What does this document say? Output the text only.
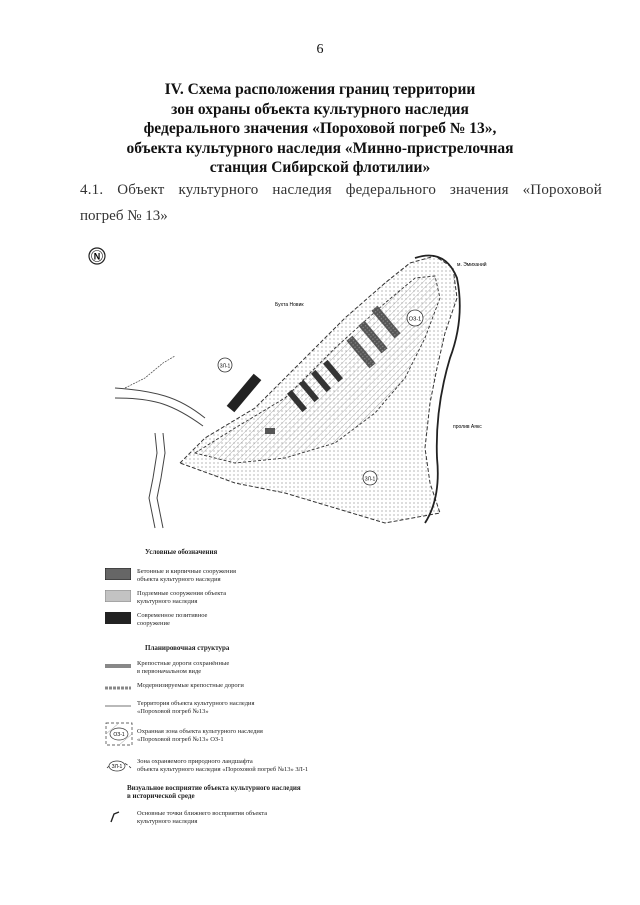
6
IV. Схема расположения границ территории
зон охраны объекта культурного наследия
федерального значения «Пороховой погреб № 13»,
объекта культурного наследия «Минно-пристрелочная
станция Сибирской флотилии»
4.1. Объект культурного наследия федерального значения «Пороховой
погреб № 13»
N
ОЗ-1
ЗЛ-1
ЗЛ-1
м. Эмиханий
Бухта Новик
пролив Аякс
Условные обозначения
Бетонные и кирпичные сооружения
объекта культурного наследия
Подземные сооружения объекта
культурного наследия
Современное позитивное
сооружение
Планировочная структура
Крепостные дороги сохранённые
в первоначальном виде
Модернизируемые крепостные дороги
Территория объекта культурного наследия
«Пороховой погреб №13»
ОЗ-1 Охранная зона объекта культурного наследия
«Пороховой погреб №13» ОЗ-1
ЗЛ-1
Зона охраняемого природного ландшафта
объекта культурного наследия «Пороховой погреб №13» ЗЛ-1
Визуальное восприятие объекта культурного наследия
в исторической среде
Основные точки ближнего восприятия объекта
культурного наследия
